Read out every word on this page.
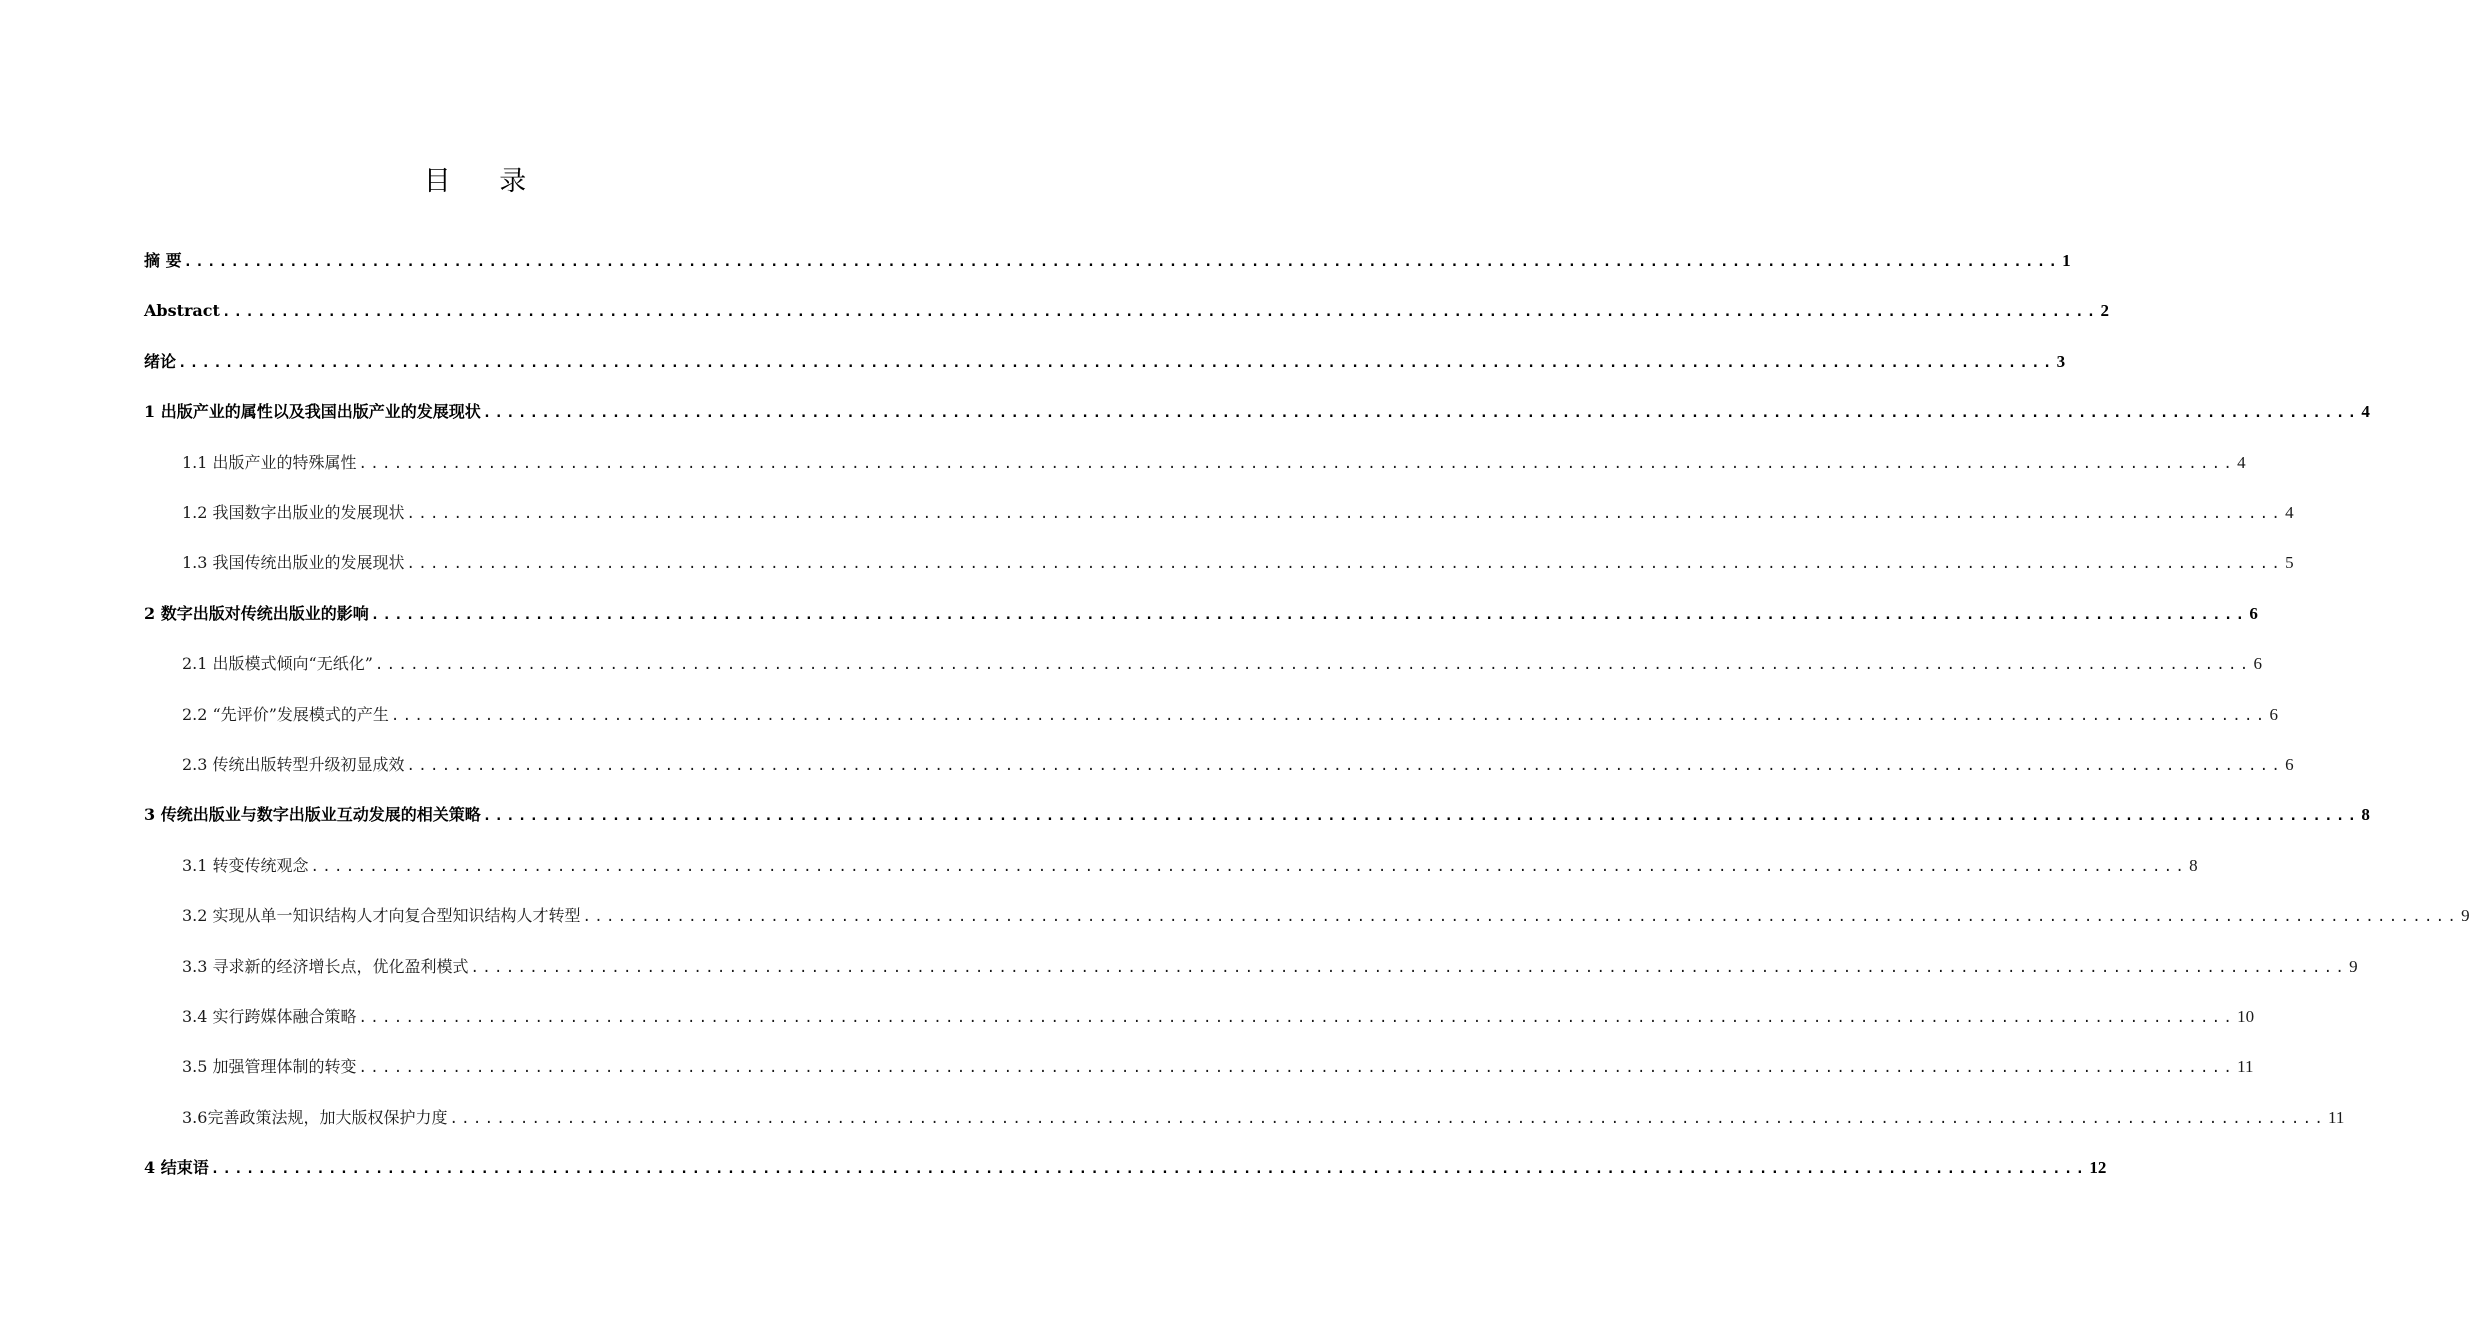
目 录
摘 要 ................................................................................................................................................................ 1
Abstract ................................................................................................................................................................ 2
绪论 ................................................................................................................................................................ 3
1 出版产业的属性以及我国出版产业的发展现状 ................................................................................................................................................................ 4
1.1 出版产业的特殊属性 ................................................................................................................................................................ 4
1.2 我国数字出版业的发展现状 ................................................................................................................................................................ 4
1.3 我国传统出版业的发展现状 ................................................................................................................................................................ 5
2 数字出版对传统出版业的影响 ................................................................................................................................................................ 6
2.1 出版模式倾向“无纸化” ................................................................................................................................................................ 6
2.2 “先评价”发展模式的产生 ................................................................................................................................................................ 6
2.3 传统出版转型升级初显成效 ................................................................................................................................................................ 6
3 传统出版业与数字出版业互动发展的相关策略 ................................................................................................................................................................ 8
3.1 转变传统观念 ................................................................................................................................................................ 8
3.2 实现从单一知识结构人才向复合型知识结构人才转型 ................................................................................................................................................................ 9
3.3 寻求新的经济增长点，优化盈利模式 ................................................................................................................................................................ 9
3.4 实行跨媒体融合策略 ................................................................................................................................................................ 10
3.5 加强管理体制的转变 ................................................................................................................................................................ 11
3.6完善政策法规，加大版权保护力度 ................................................................................................................................................................ 11
4 结束语 ................................................................................................................................................................ 12
